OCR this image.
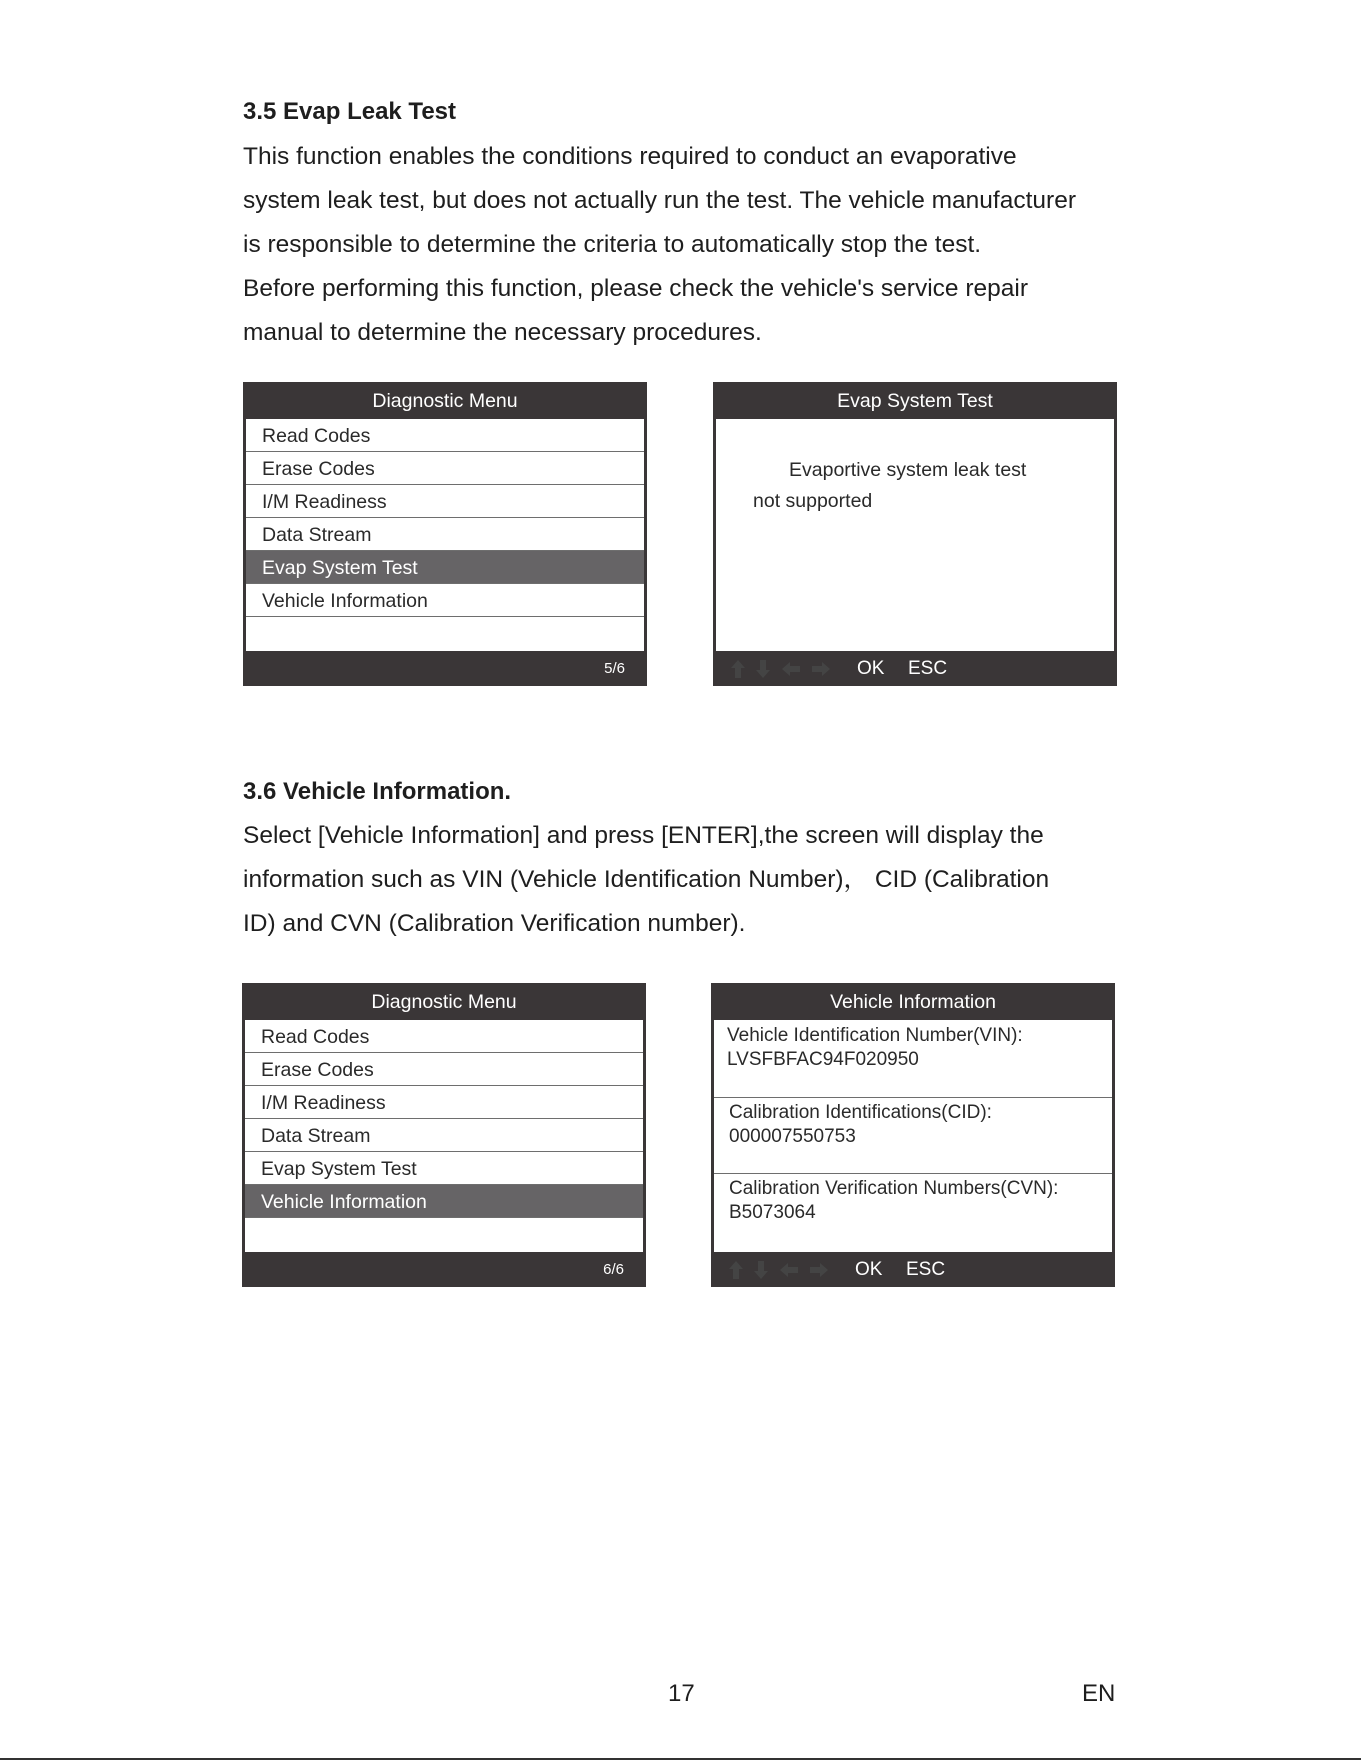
3.5 Evap Leak Test

This function enables the conditions required to conduct an evaporative
system leak test, but does not actually run the test. The vehicle manufacturer
is responsible to determine the criteria to automatically stop the test.
Before performing this function, please check the vehicle's service repair
manual to determine the necessary procedures.

Diagnostic Menu
Read Codes
Erase Codes
I/M Readiness
Data Stream
Evap System Test
Vehicle Information
5/6
Evap System Test
Evaportive system leak test
not supported
OK ESC
3.6 Vehicle Information.

Select [Vehicle Information] and press [ENTER],the screen will display the
information such as VIN (Vehicle Identification Number)， CID (Calibration
ID) and CVN (Calibration Verification number).

Diagnostic Menu
Read Codes
Erase Codes
I/M Readiness
Data Stream
Evap System Test
Vehicle Information
6/6
Vehicle Information
Vehicle Identification Number(VIN):
LVSFBFAC94F020950
Calibration Identifications(CID):
000007550753
Calibration Verification Numbers(CVN):
B5073064
OK ESC
17	EN
